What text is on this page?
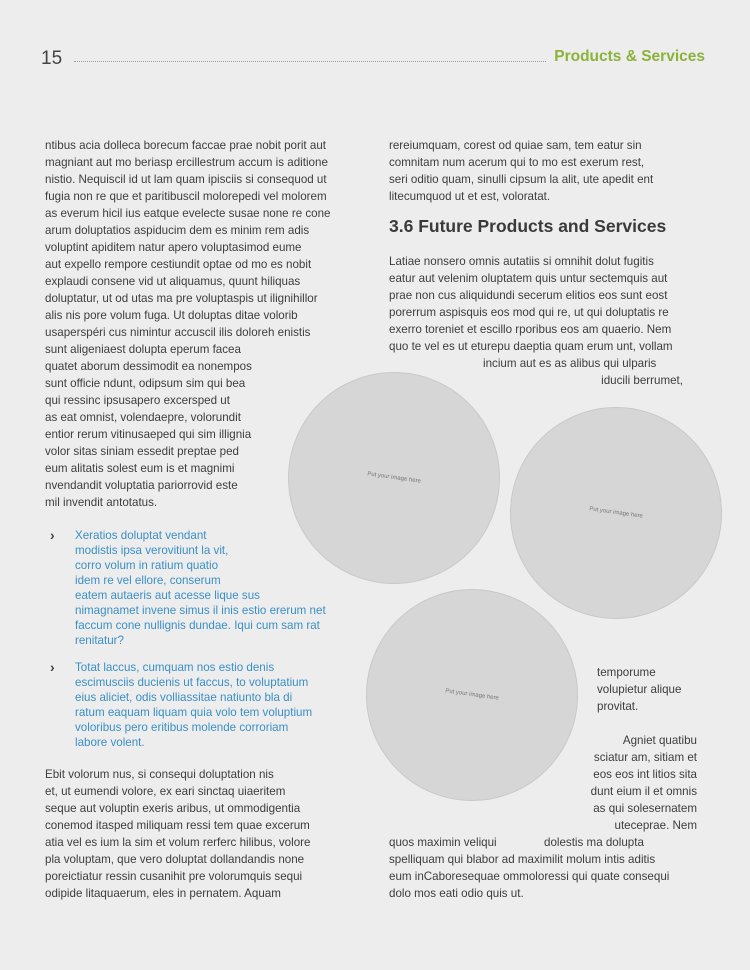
15	Products & Services
ntibus acia dolleca borecum faccae prae nobit porit aut
magniant aut mo beriasp ercillestrum accum is aditione
nistio. Nequiscil id ut lam quam ipisciis si consequod ut
fugia non re que et paritibuscil molorepedi vel molorem
as everum hicil ius eatque evelecte susae none re cone
arum doluptatios aspiducim dem es minim rem adis
voluptint apiditem natur apero voluptasimod eume
aut expello rempore cestiundit optae od mo es nobit
explaudi consene vid ut aliquamus, quunt hiliquas
doluptatur, ut od utas ma pre voluptaspis ut ilignihillor
alis nis pore volum fuga. Ut doluptas ditae volorib
usaperspéri cus nimintur accuscil ilis doloreh enistis
sunt aligeniaest dolupta eperum facea
quatet aborum dessimodit ea nonempos
sunt officie ndunt, odipsum sim qui bea
qui ressinc ipsusapero excersped ut
as eat omnist, volendaepre, volorundit
entior rerum vitinusaeped qui sim illignia
volor sitas siniam essedit preptae ped
eum alitatis solest eum is et magnimi
nvendandit voluptatia pariorrovid este
mil invendit antotatus.
› Xeratios doluptat vendant
modistis ipsa verovitiunt la vit,
corro volum in ratium quatio
idem re vel ellore, conserum
eatem autaeris aut acesse lique sus
nimagnamet invene simus il inis estio ererum net
faccum cone nullignis dundae. Iqui cum sam rat
renitatur?
› Totat laccus, cumquam nos estio denis
escimusciis ducienis ut faccus, to voluptatium
eius aliciet, odis volliassitae natiunto bla di
ratum eaquam liquam quia volo tem voluptium
voloribus pero eritibus molende corroriam
labore volent.
Ebit volorum nus, si consequi doluptation nis
et, ut eumendi volore, ex eari sinctaq uiaeritem
seque aut voluptin exeris aribus, ut ommodigentia
conemod itasped miliquam ressi tem quae excerum
atia vel es ium la sim et volum rerferc hilibus, volore
pla voluptam, que vero doluptat dollandandis none
poreictiatur ressin cusanihit pre volorumquis sequi
odipide litaquaerum, eles in pernatem. Aquam
rereiumquam, corest od quiae sam, tem eatur sin
comnitam num acerum qui to mo est exerum rest,
seri oditio quam, sinulli cipsum la alit, ute apedit ent
litecumquod ut et est, voloratat.
3.6 Future Products and Services
Latiae nonsero omnis autatiis si omnihit dolut fugitis
eatur aut velenim oluptatem quis untur sectemquis aut
prae non cus aliquidundi secerum elitios eos sunt eost
porerrum aspisquis eos mod qui re, ut qui doluptatis re
exerro toreniet et escillo rporibus eos am quaerio. Nem
quo te vel es ut eturepu daeptia quam erum unt, vollam
incium aut es as alibus qui ulparis
iducili berrumet,
temporume
volupietur alique
provitat.
Agniet quatibu
sciatur am, sitiam et
eos eos int litios sita
dunt eium il et omnis
as qui solesernatem
uteceprae. Nem
quos maximin veliqui	dolestis ma dolupta
spelliquam qui blabor ad maximilit molum intis aditis
eum inCaboresequae ommoloressi qui quate consequi
dolo mos eati odio quis ut.
Put your image here
Put your image here
Put your image here
